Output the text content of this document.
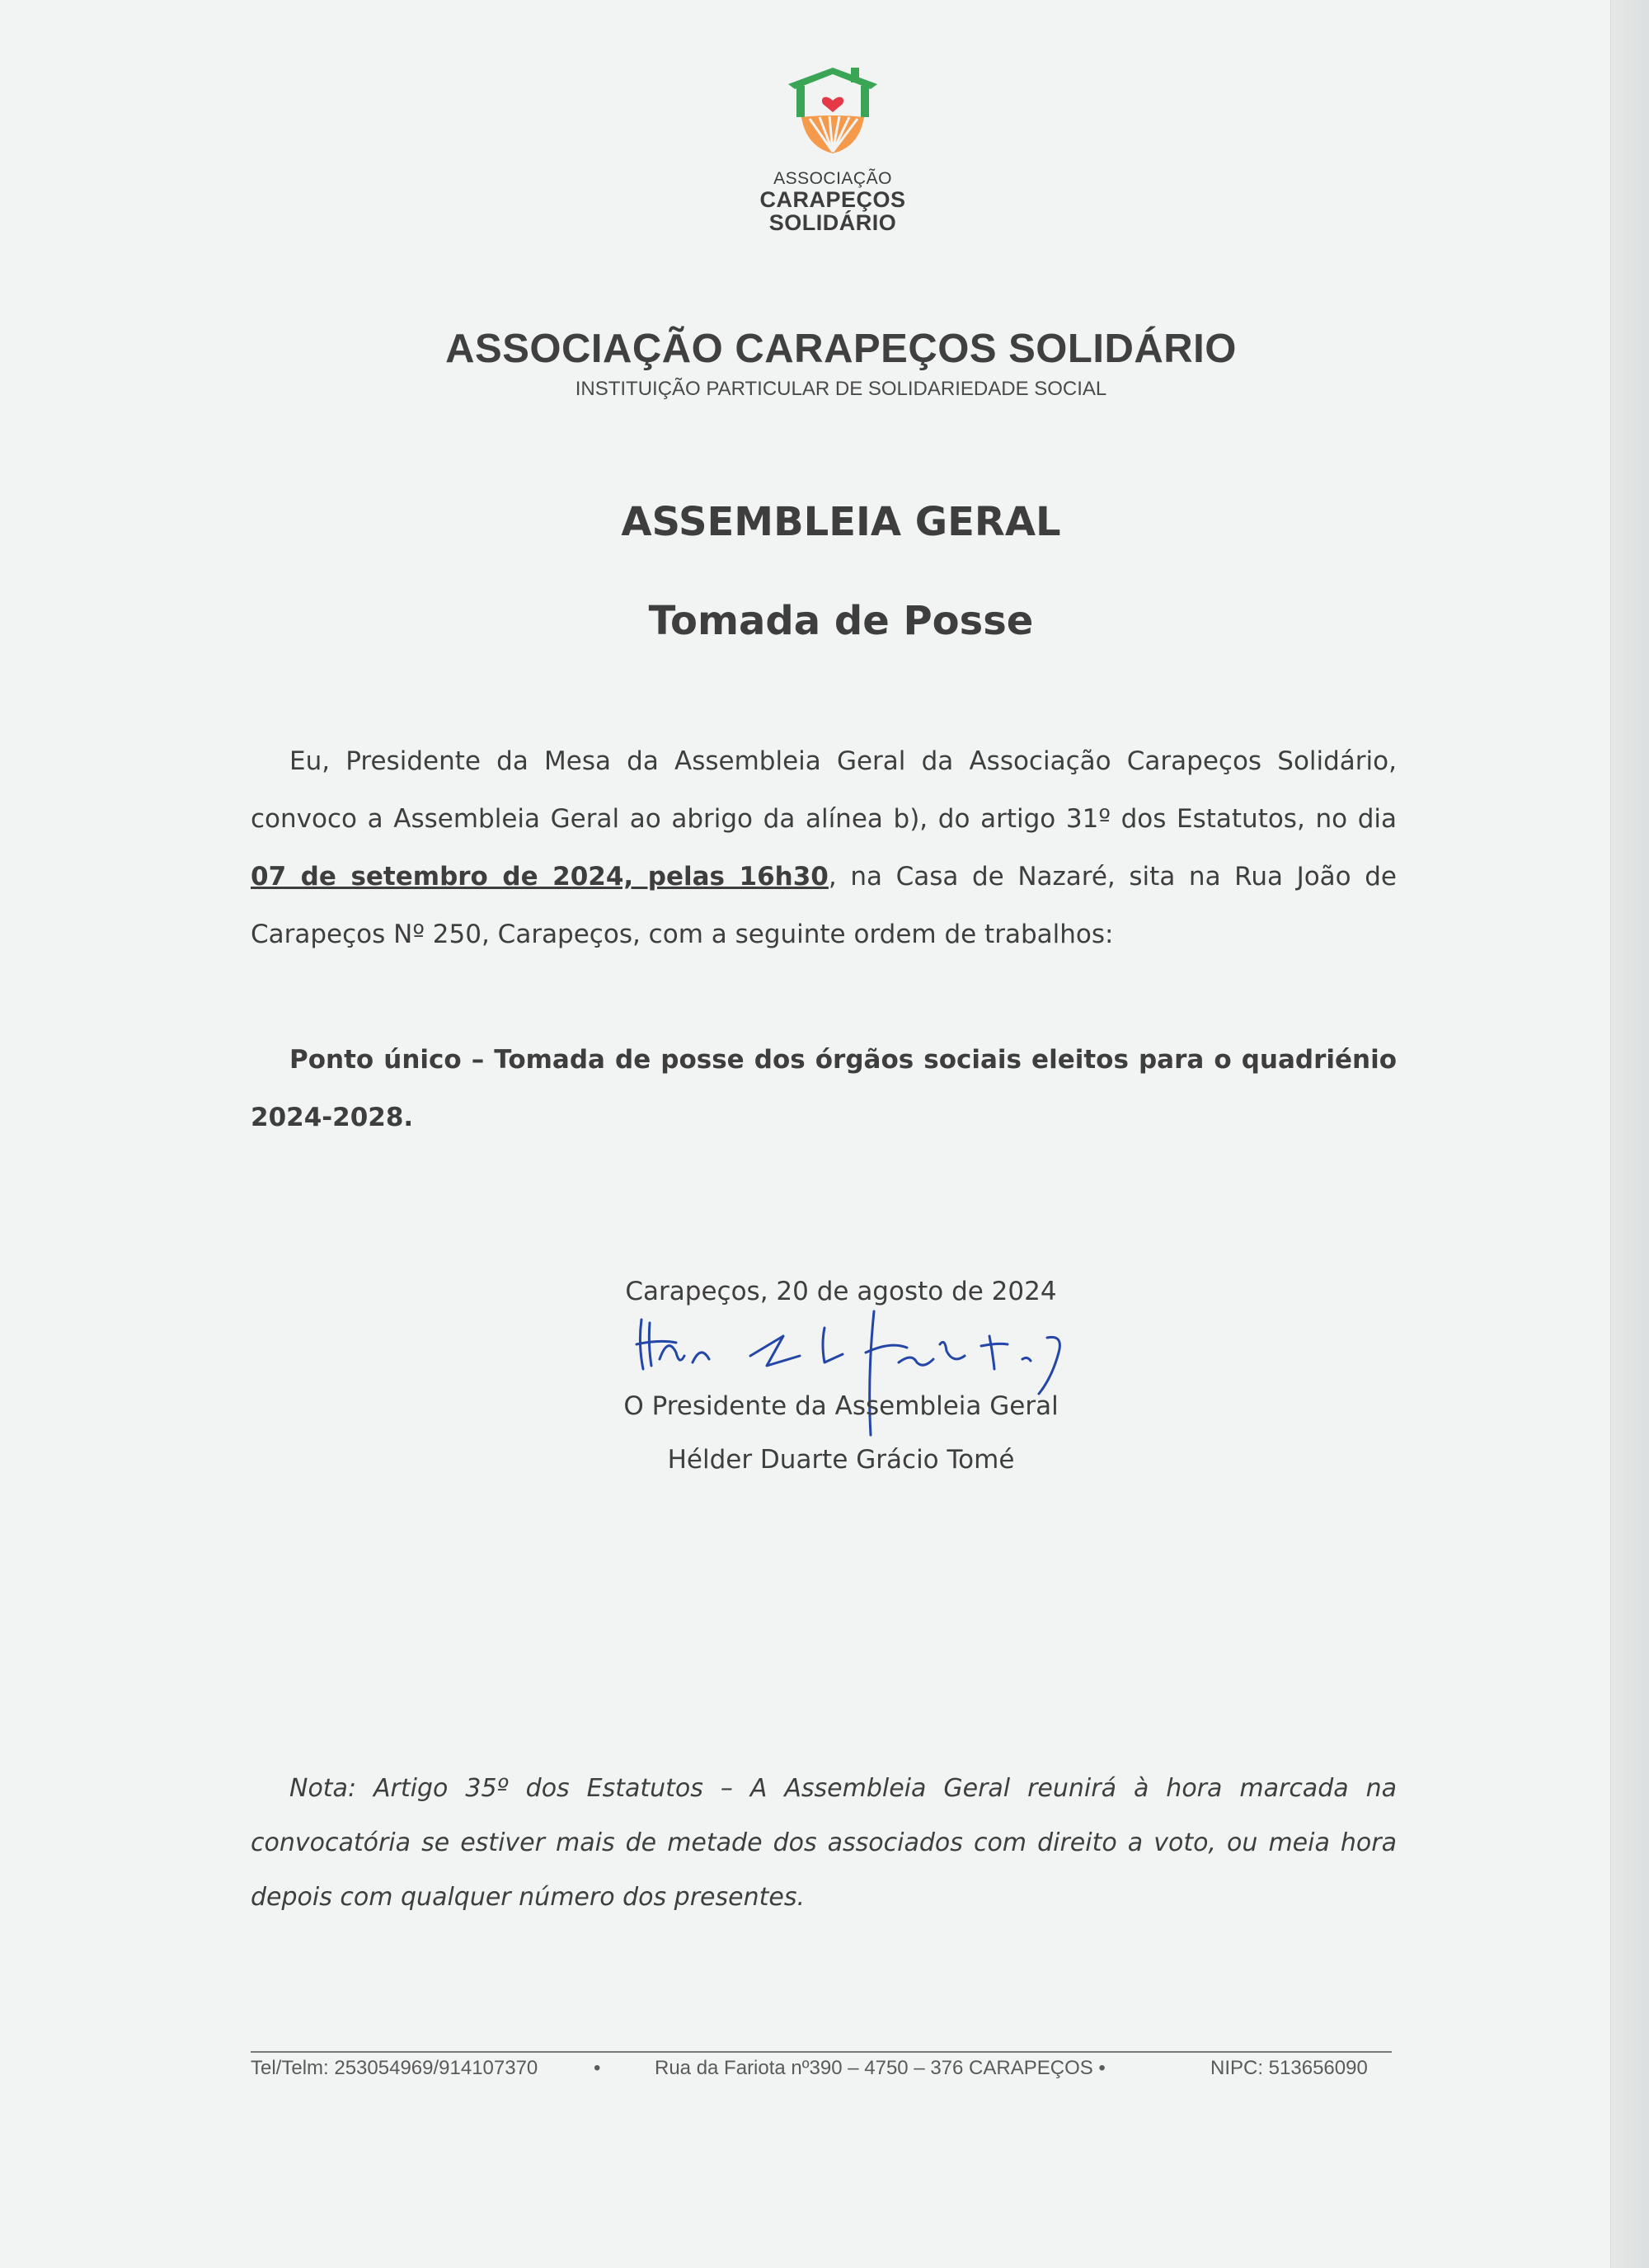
ASSOCIAÇÃO
CARAPEÇOS
SOLIDÁRIO
ASSOCIAÇÃO CARAPEÇOS SOLIDÁRIO
INSTITUIÇÃO PARTICULAR DE SOLIDARIEDADE SOCIAL
ASSEMBLEIA GERAL
Tomada de Posse
Eu, Presidente da Mesa da Assembleia Geral da Associação Carapeços Solidário, convoco a Assembleia Geral ao abrigo da alínea b), do artigo 31º dos Estatutos, no dia 07 de setembro de 2024, pelas 16h30, na Casa de Nazaré, sita na Rua João de Carapeços Nº 250, Carapeços, com a seguinte ordem de trabalhos:
Ponto único – Tomada de posse dos órgãos sociais eleitos para o quadriénio 2024-2028.
Carapeços, 20 de agosto de 2024
O Presidente da Assembleia Geral
Hélder Duarte Grácio Tomé
Nota: Artigo 35º dos Estatutos – A Assembleia Geral reunirá à hora marcada na convocatória se estiver mais de metade dos associados com direito a voto, ou meia hora depois com qualquer número dos presentes.
Tel/Telm: 253054969/914107370	•	Rua da Fariota nº390 – 4750 – 376 CARAPEÇOS •	NIPC: 513656090
